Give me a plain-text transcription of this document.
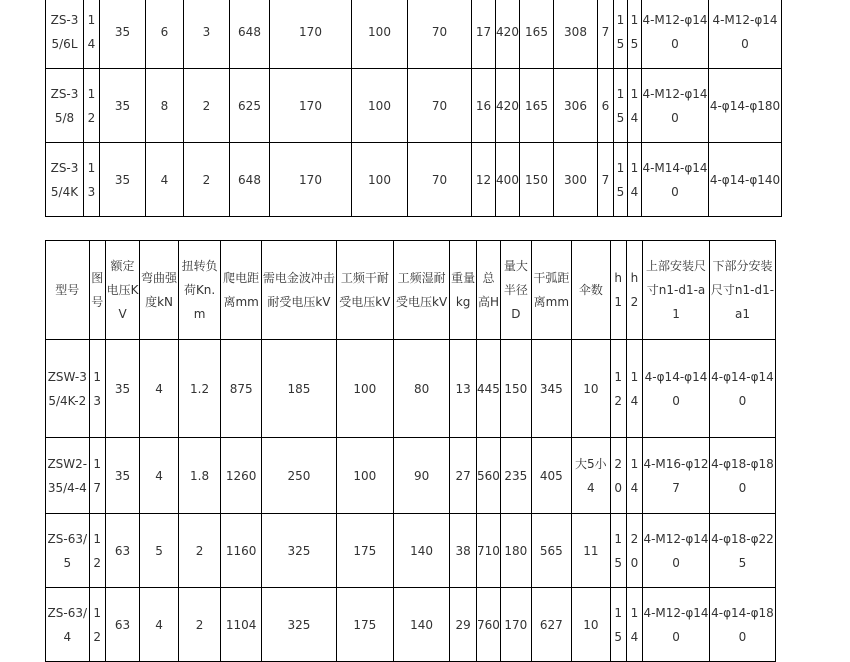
ZS-35/6L	14	35	6	3	648	170	100	70	17	420	165	308	7	15	15	4-M12-φ140	4-M12-φ140
ZS-35/8	12	35	8	2	625	170	100	70	16	420	165	306	6	15	14	4-M12-φ140	4-φ14-φ180
ZS-35/4K	13	35	4	2	648	170	100	70	12	400	150	300	7	15	14	4-M14-φ140	4-φ14-φ140
型号	图号	额定电压KV	弯曲强度kN	扭转负荷Kn.m	爬电距离mm	需电金波冲击耐受电压kV	工频干耐受电压kV	工频湿耐受电压kV	重量kg	总高H	量大半径D	干弧距离mm	伞数	h1	h2	上部安装尺寸n1-d1-a1	下部分安装尺寸n1-d1-a1
ZSW-35/4K-2	13	35	4	1.2	875	185	100	80	13	445	150	345	10	12	14	4-φ14-φ140	4-φ14-φ140
ZSW2-35/4-4	17	35	4	1.8	1260	250	100	90	27	560	235	405	大5小4	20	14	4-M16-φ127	4-φ18-φ180
ZS-63/5	12	63	5	2	1160	325	175	140	38	710	180	565	11	15	20	4-M12-φ140	4-φ18-φ225
ZS-63/4	12	63	4	2	1104	325	175	140	29	760	170	627	10	15	14	4-M12-φ140	4-φ14-φ180
